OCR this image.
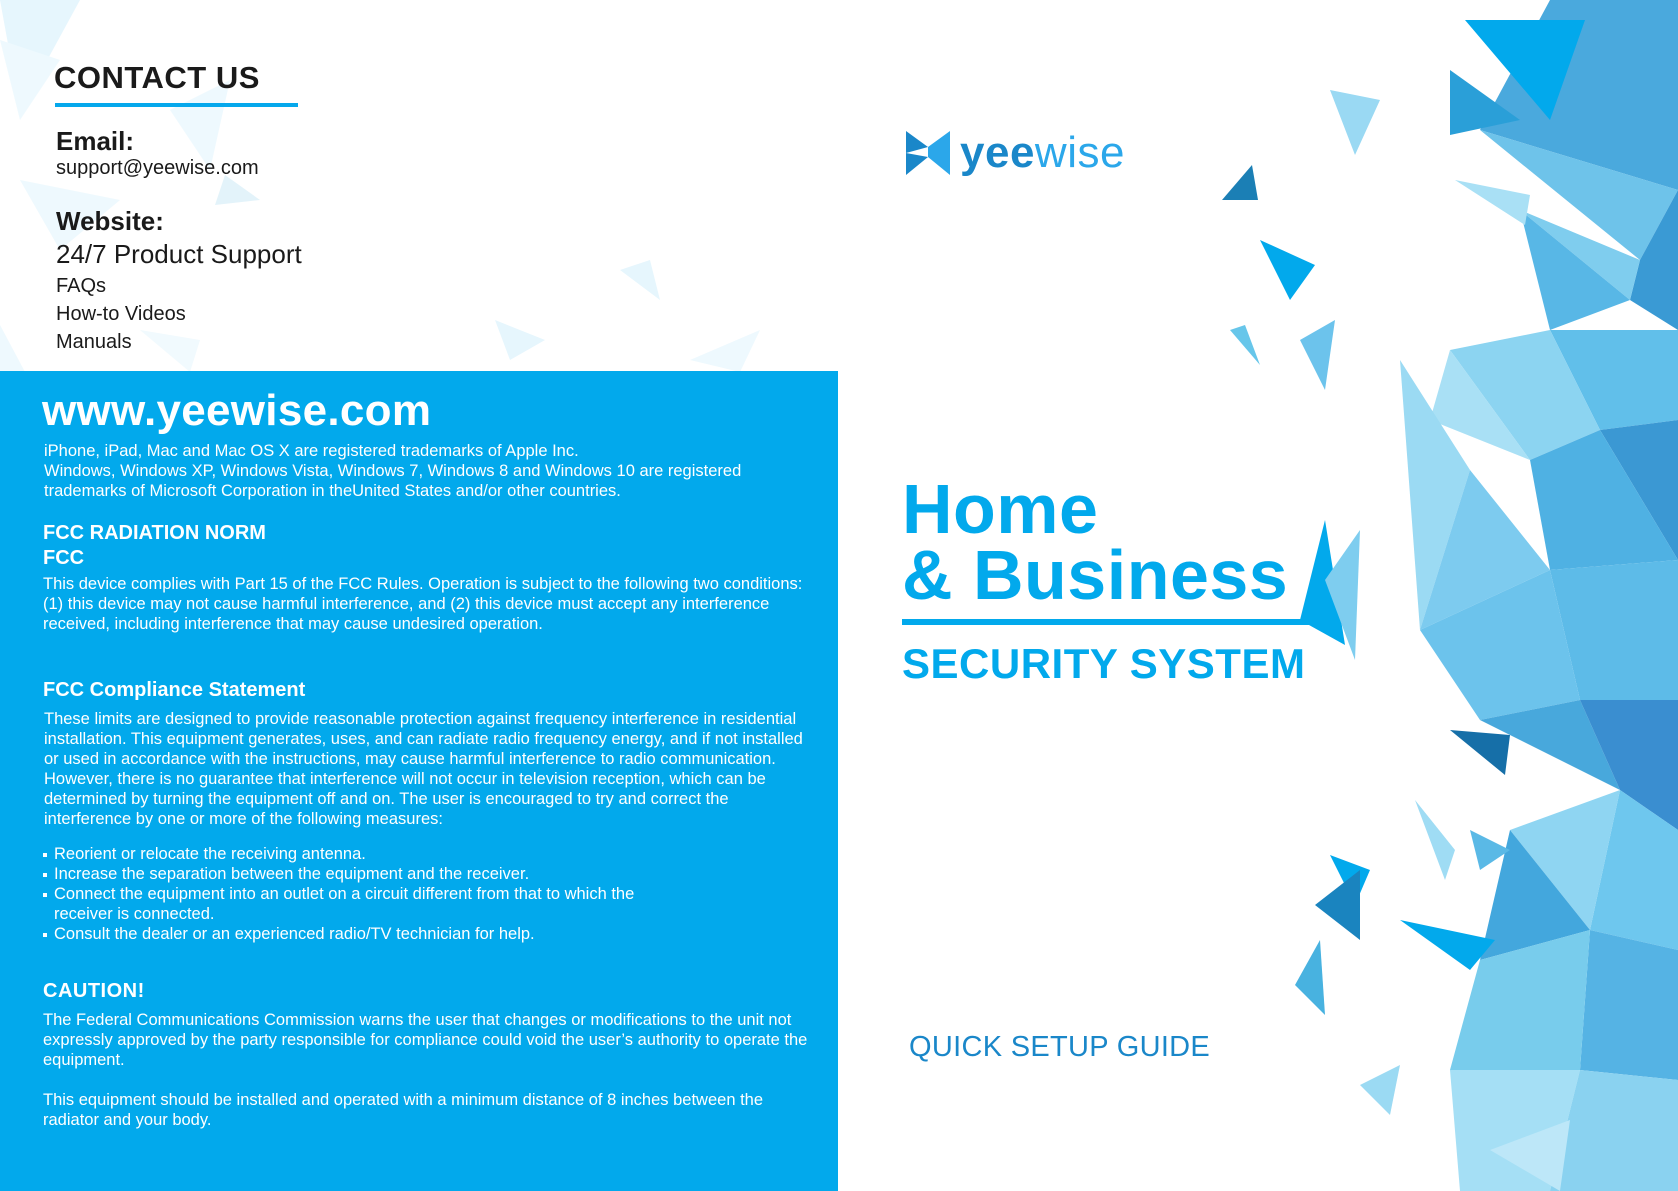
CONTACT US
Email:
support@yeewise.com
Website:
24/7 Product Support
FAQs
How-to Videos
Manuals
www.yeewise.com
iPhone, iPad, Mac and Mac OS X are registered trademarks of Apple Inc.
Windows, Windows XP, Windows Vista, Windows 7, Windows 8 and Windows 10 are registered
trademarks of Microsoft Corporation in theUnited States and/or other countries.
FCC RADIATION NORM
FCC

This device complies with Part 15 of the FCC Rules. Operation is subject to the following two conditions: (1) this device may not cause harmful interference, and (2) this device must accept any interference received, including interference that may cause undesired operation.

FCC Compliance Statement

These limits are designed to provide reasonable protection against frequency interference in residential installation. This equipment generates, uses, and can radiate radio frequency energy, and if not installed or used in accordance with the instructions, may cause harmful interference to radio communication. However, there is no guarantee that interference will not occur in television reception, which can be determined by turning the equipment off and on. The user is encouraged to try and correct the interference by one or more of the following measures:

Reorient or relocate the receiving antenna.
Increase the separation between the equipment and the receiver.
Connect the equipment into an outlet on a circuit different from that to which the receiver is connected.
Consult the dealer or an experienced radio/TV technician for help.
CAUTION!

The Federal Communications Commission warns the user that changes or modifications to the unit not expressly approved by the party responsible for compliance could void the user’s authority to operate the equipment.

This equipment should be installed and operated with a minimum distance of 8 inches between the radiator and your body.

yeewise
Home
& Business
SECURITY SYSTEM
QUICK SETUP GUIDE
